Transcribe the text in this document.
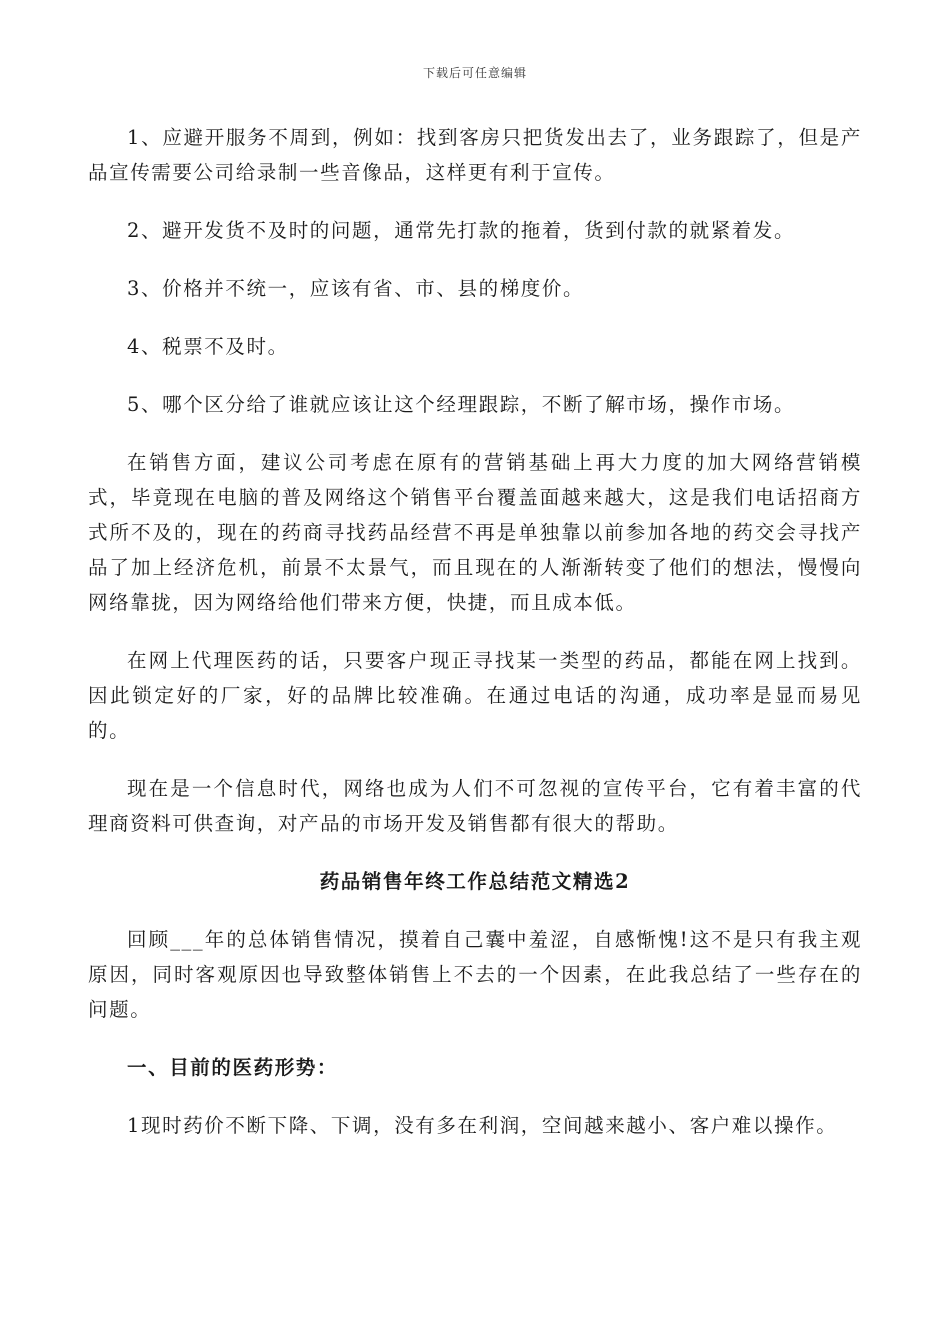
下载后可任意编辑

1、应避开服务不周到，例如：找到客房只把货发出去了，业务跟踪了，但是产品宣传需要公司给录制一些音像品，这样更有利于宣传。

2、避开发货不及时的问题，通常先打款的拖着，货到付款的就紧着发。

3、价格并不统一，应该有省、市、县的梯度价。

4、税票不及时。

5、哪个区分给了谁就应该让这个经理跟踪，不断了解市场，操作市场。

在销售方面，建议公司考虑在原有的营销基础上再大力度的加大网络营销模式，毕竟现在电脑的普及网络这个销售平台覆盖面越来越大，这是我们电话招商方式所不及的，现在的药商寻找药品经营不再是单独靠以前参加各地的药交会寻找产品了加上经济危机，前景不太景气，而且现在的人渐渐转变了他们的想法，慢慢向网络靠拢，因为网络给他们带来方便，快捷，而且成本低。

在网上代理医药的话，只要客户现正寻找某一类型的药品，都能在网上找到。因此锁定好的厂家，好的品牌比较准确。在通过电话的沟通，成功率是显而易见的。

现在是一个信息时代，网络也成为人们不可忽视的宣传平台，它有着丰富的代理商资料可供查询，对产品的市场开发及销售都有很大的帮助。

药品销售年终工作总结范文精选2

回顾___年的总体销售情况，摸着自己囊中羞涩，自感惭愧!这不是只有我主观原因，同时客观原因也导致整体销售上不去的一个因素，在此我总结了一些存在的问题。

一、目前的医药形势：

1现时药价不断下降、下调，没有多在利润，空间越来越小、客户难以操作。
